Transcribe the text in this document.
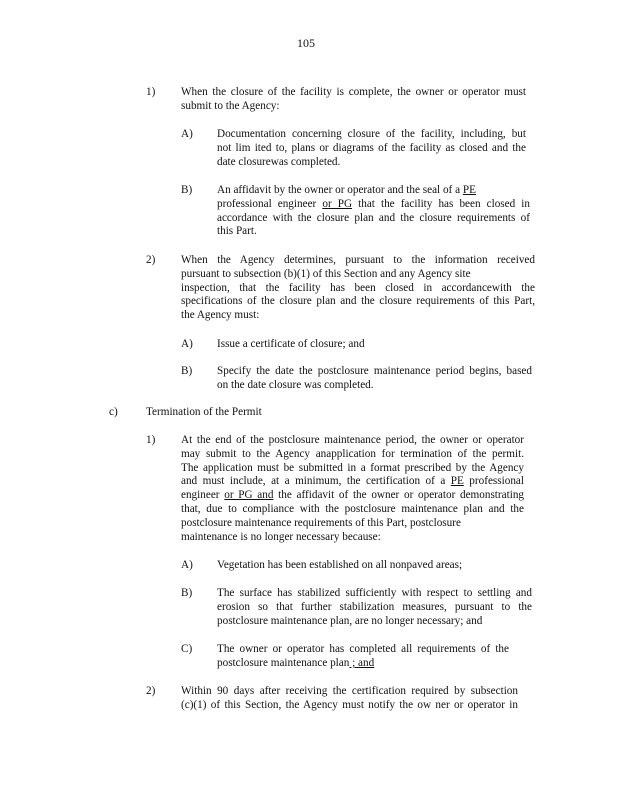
105
1) When the closure of the facility is complete, the owner or operator must
submit to the Agency:
A) Documentation concerning closure of the facility, including, but
not lim ited to, plans or diagrams of the facility as closed and the
date closurewas completed.
B) An affidavit by the owner or operator and the seal of a PE
professional engineer or PG that the facility has been closed in
accordance with the closure plan and the closure requirements of
this Part.
2) When the Agency determines, pursuant to the information received
pursuant to subsection (b)(1) of this Section and any Agency site
inspection, that the facility has been closed in accordancewith the
specifications of the closure plan and the closure requirements of this Part,
the Agency must:
A) Issue a certificate of closure; and
B) Specify the date the postclosure maintenance period begins, based
on the date closure was completed.
c)	Termination of the Permit
1) At the end of the postclosure maintenance period, the owner or operator
may submit to the Agency anapplication for termination of the permit.
The application must be submitted in a format prescribed by the Agency
and must include, at a minimum, the certification of a PE professional
engineer or PG and the affidavit of the owner or operator demonstrating
that, due to compliance with the postclosure maintenance plan and the
postclosure maintenance requirements of this Part, postclosure
maintenance is no longer necessary because:
A) Vegetation has been established on all nonpaved areas;
B) The surface has stabilized sufficiently with respect to settling and
erosion so that further stabilization measures, pursuant to the
postclosure maintenance plan, are no longer necessary; and
C) The owner or operator has completed all requirements of the
postclosure maintenance plan ; and
2) Within 90 days after receiving the certification required by subsection
(c)(1) of this Section, the Agency must notify the ow ner or operator in
